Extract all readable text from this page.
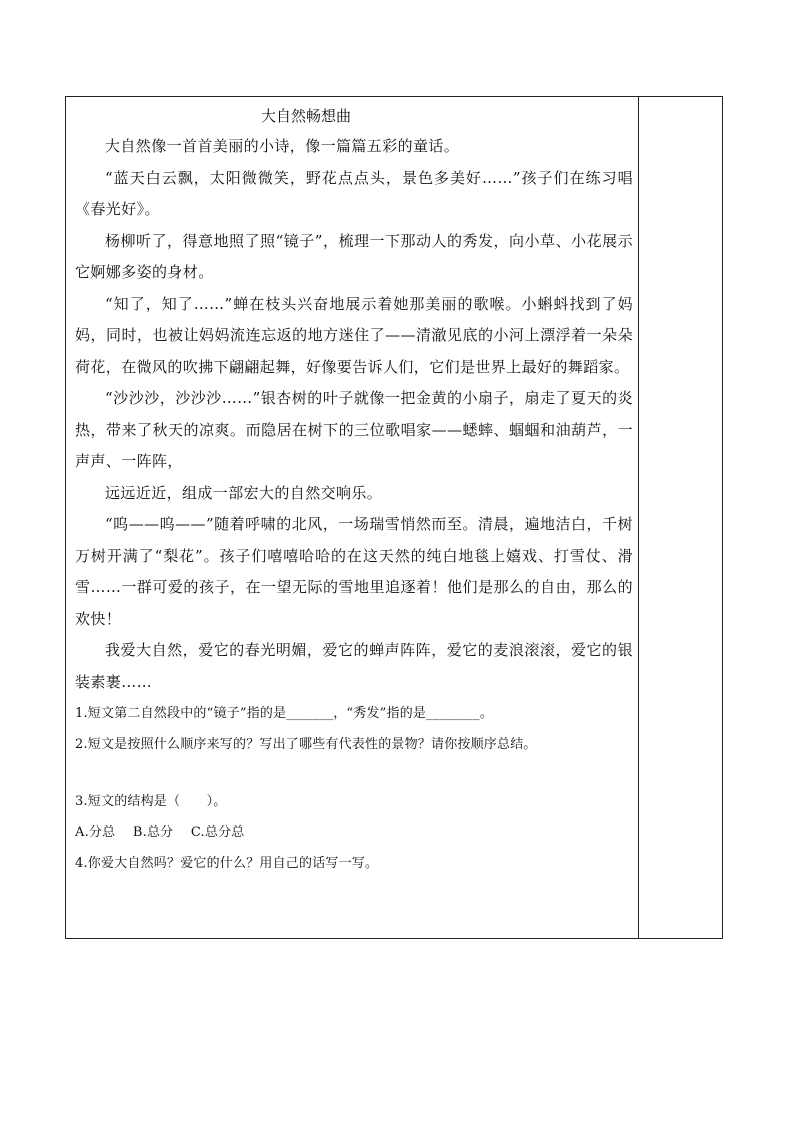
大自然畅想曲

大自然像一首首美丽的小诗，像一篇篇五彩的童话。

“蓝天白云飘，太阳微微笑，野花点点头，景色多美好……”孩子们在练习唱《春光好》。

杨柳听了，得意地照了照“镜子”，梳理一下那动人的秀发，向小草、小花展示它婀娜多姿的身材。

“知了，知了……”蝉在枝头兴奋地展示着她那美丽的歌喉。小蝌蚪找到了妈妈，同时，也被让妈妈流连忘返的地方迷住了——清澈见底的小河上漂浮着一朵朵荷花，在微风的吹拂下翩翩起舞，好像要告诉人们，它们是世界上最好的舞蹈家。

“沙沙沙，沙沙沙……”银杏树的叶子就像一把金黄的小扇子，扇走了夏天的炎热，带来了秋天的凉爽。而隐居在树下的三位歌唱家——蟋蟀、蝈蝈和油葫芦，一声声、一阵阵，

远远近近，组成一部宏大的自然交响乐。

“呜——呜——”随着呼啸的北风，一场瑞雪悄然而至。清晨，遍地洁白，千树万树开满了“梨花”。孩子们嘻嘻哈哈的在这天然的纯白地毯上嬉戏、打雪仗、滑雪……一群可爱的孩子，在一望无际的雪地里追逐着！他们是那么的自由，那么的欢快！

我爱大自然，爱它的春光明媚，爱它的蝉声阵阵，爱它的麦浪滚滚，爱它的银装素裹……

1.短文第二自然段中的“镜子”指的是_______，“秀发”指的是________。

2.短文是按照什么顺序来写的？写出了哪些有代表性的景物？请你按顺序总结。

3.短文的结构是（　　）。

A.分总　 B.总分　 C.总分总

4.你爱大自然吗？爱它的什么？用自己的话写一写。
